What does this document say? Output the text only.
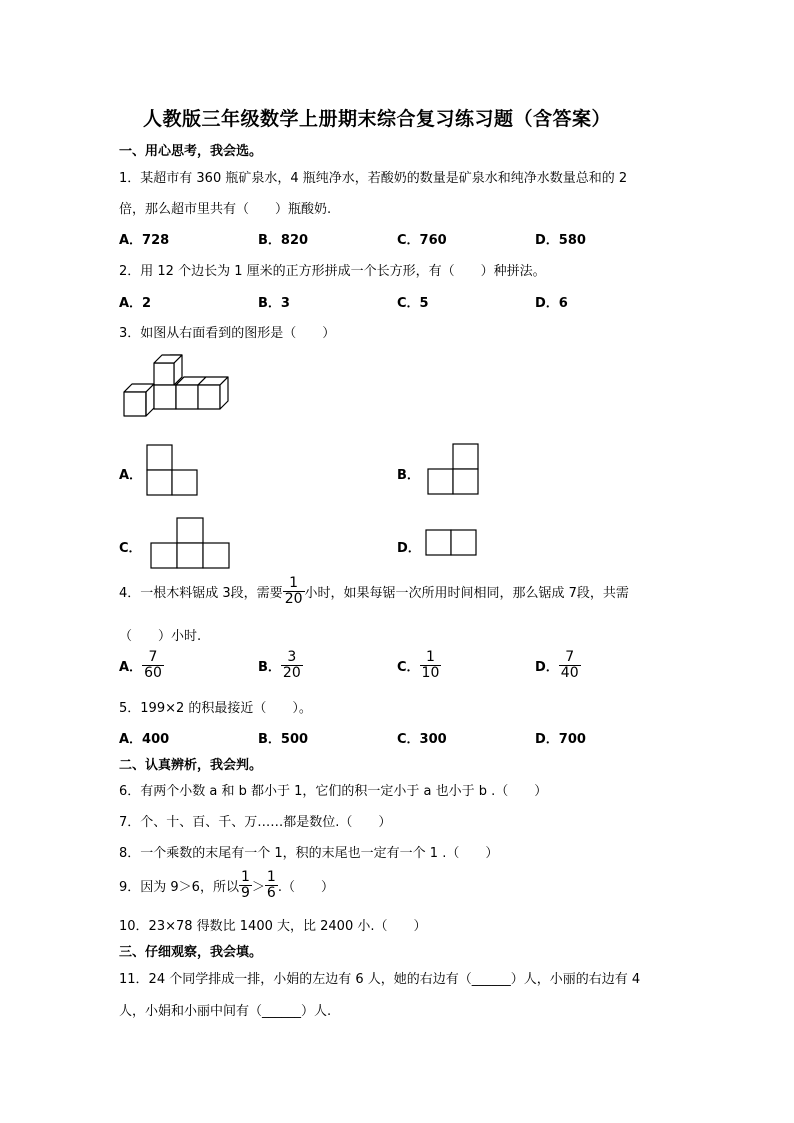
人教版三年级数学上册期末综合复习练习题（含答案）
一、用心思考，我会选。
1．某超市有 360 瓶矿泉水，4 瓶纯净水，若酸奶的数量是矿泉水和纯净水数量总和的 2
倍，那么超市里共有（　　）瓶酸奶.
A．728	B．820	C．760	D．580
2．用 12 个边长为 1 厘米的正方形拼成一个长方形，有（　　）种拼法。
A．2	B．3	C．5	D．6
3．如图从右面看到的图形是（　　）
A．	B．
C．	D．
4．一根木料锯成 3段，需要 $\frac{1}{20}$ 小时，如果每锯一次所用时间相同，那么锯成 7段，共需
（　　）小时.
A． $\frac{7}{60}$	B． $\frac{3}{20}$	C． $\frac{1}{10}$	D． $\frac{7}{40}$
5．199×2 的积最接近（　　）。
A．400	B．500	C．300	D．700
二、认真辨析，我会判。
6．有两个小数 a 和 b 都小于 1，它们的积一定小于 a 也小于 b .（　　）
7．个、十、百、千、万……都是数位.（　　）
8．一个乘数的末尾有一个 1，积的末尾也一定有一个 1 .（　　）
9．因为 9＞6，所以 $\frac{1}{9} > \frac{1}{6}$ .（　　）
10．23×78 得数比 1400 大，比 2400 小.（　　）
三、仔细观察，我会填。
11．24 个同学排成一排，小娟的左边有 6 人，她的右边有（______）人，小丽的右边有 4
人，小娟和小丽中间有（______）人.
